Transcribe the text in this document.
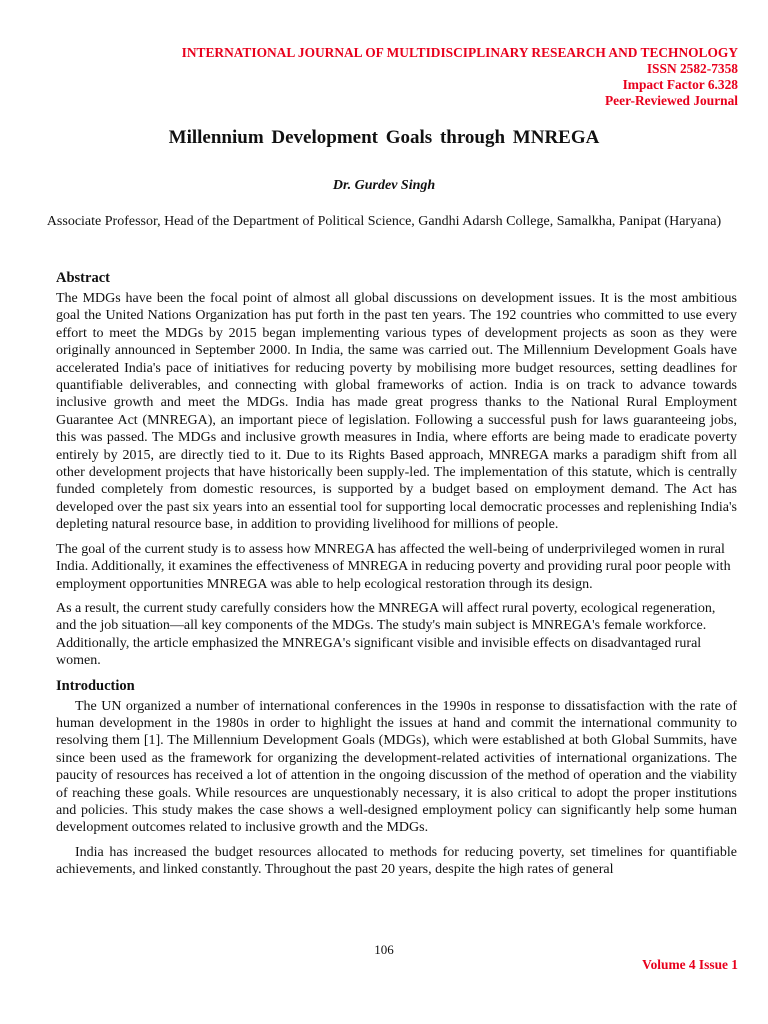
INTERNATIONAL JOURNAL OF MULTIDISCIPLINARY RESEARCH AND TECHNOLOGY
ISSN 2582-7358
Impact Factor 6.328
Peer-Reviewed Journal
Millennium Development Goals through MNREGA
Dr. Gurdev Singh
Associate Professor, Head of the Department of Political Science, Gandhi Adarsh College, Samalkha, Panipat (Haryana)
Abstract

The MDGs have been the focal point of almost all global discussions on development issues. It is the most ambitious goal the United Nations Organization has put forth in the past ten years. The 192 countries who committed to use every effort to meet the MDGs by 2015 began implementing various types of development projects as soon as they were originally announced in September 2000. In India, the same was carried out. The Millennium Development Goals have accelerated India's pace of initiatives for reducing poverty by mobilising more budget resources, setting deadlines for quantifiable deliverables, and connecting with global frameworks of action. India is on track to advance towards inclusive growth and meet the MDGs. India has made great progress thanks to the National Rural Employment Guarantee Act (MNREGA), an important piece of legislation. Following a successful push for laws guaranteeing jobs, this was passed. The MDGs and inclusive growth measures in India, where efforts are being made to eradicate poverty entirely by 2015, are directly tied to it. Due to its Rights Based approach, MNREGA marks a paradigm shift from all other development projects that have historically been supply-led. The implementation of this statute, which is centrally funded completely from domestic resources, is supported by a budget based on employment demand. The Act has developed over the past six years into an essential tool for supporting local democratic processes and replenishing India's depleting natural resource base, in addition to providing livelihood for millions of people.

The goal of the current study is to assess how MNREGA has affected the well-being of underprivileged women in rural India. Additionally, it examines the effectiveness of MNREGA in reducing poverty and providing rural poor people with employment opportunities MNREGA was able to help ecological restoration through its design.

As a result, the current study carefully considers how the MNREGA will affect rural poverty, ecological regeneration, and the job situation—all key components of the MDGs. The study's main subject is MNREGA's female workforce. Additionally, the article emphasized the MNREGA's significant visible and invisible effects on disadvantaged rural women.

Introduction

The UN organized a number of international conferences in the 1990s in response to dissatisfaction with the rate of human development in the 1980s in order to highlight the issues at hand and commit the international community to resolving them [1]. The Millennium Development Goals (MDGs), which were established at both Global Summits, have since been used as the framework for organizing the development-related activities of international organizations. The paucity of resources has received a lot of attention in the ongoing discussion of the method of operation and the viability of reaching these goals. While resources are unquestionably necessary, it is also critical to adopt the proper institutions and policies. This study makes the case shows a well-designed employment policy can significantly help some human development outcomes related to inclusive growth and the MDGs.

India has increased the budget resources allocated to methods for reducing poverty, set timelines for quantifiable achievements, and linked constantly. Throughout the past 20 years, despite the high rates of general

106
Volume 4 Issue 1
